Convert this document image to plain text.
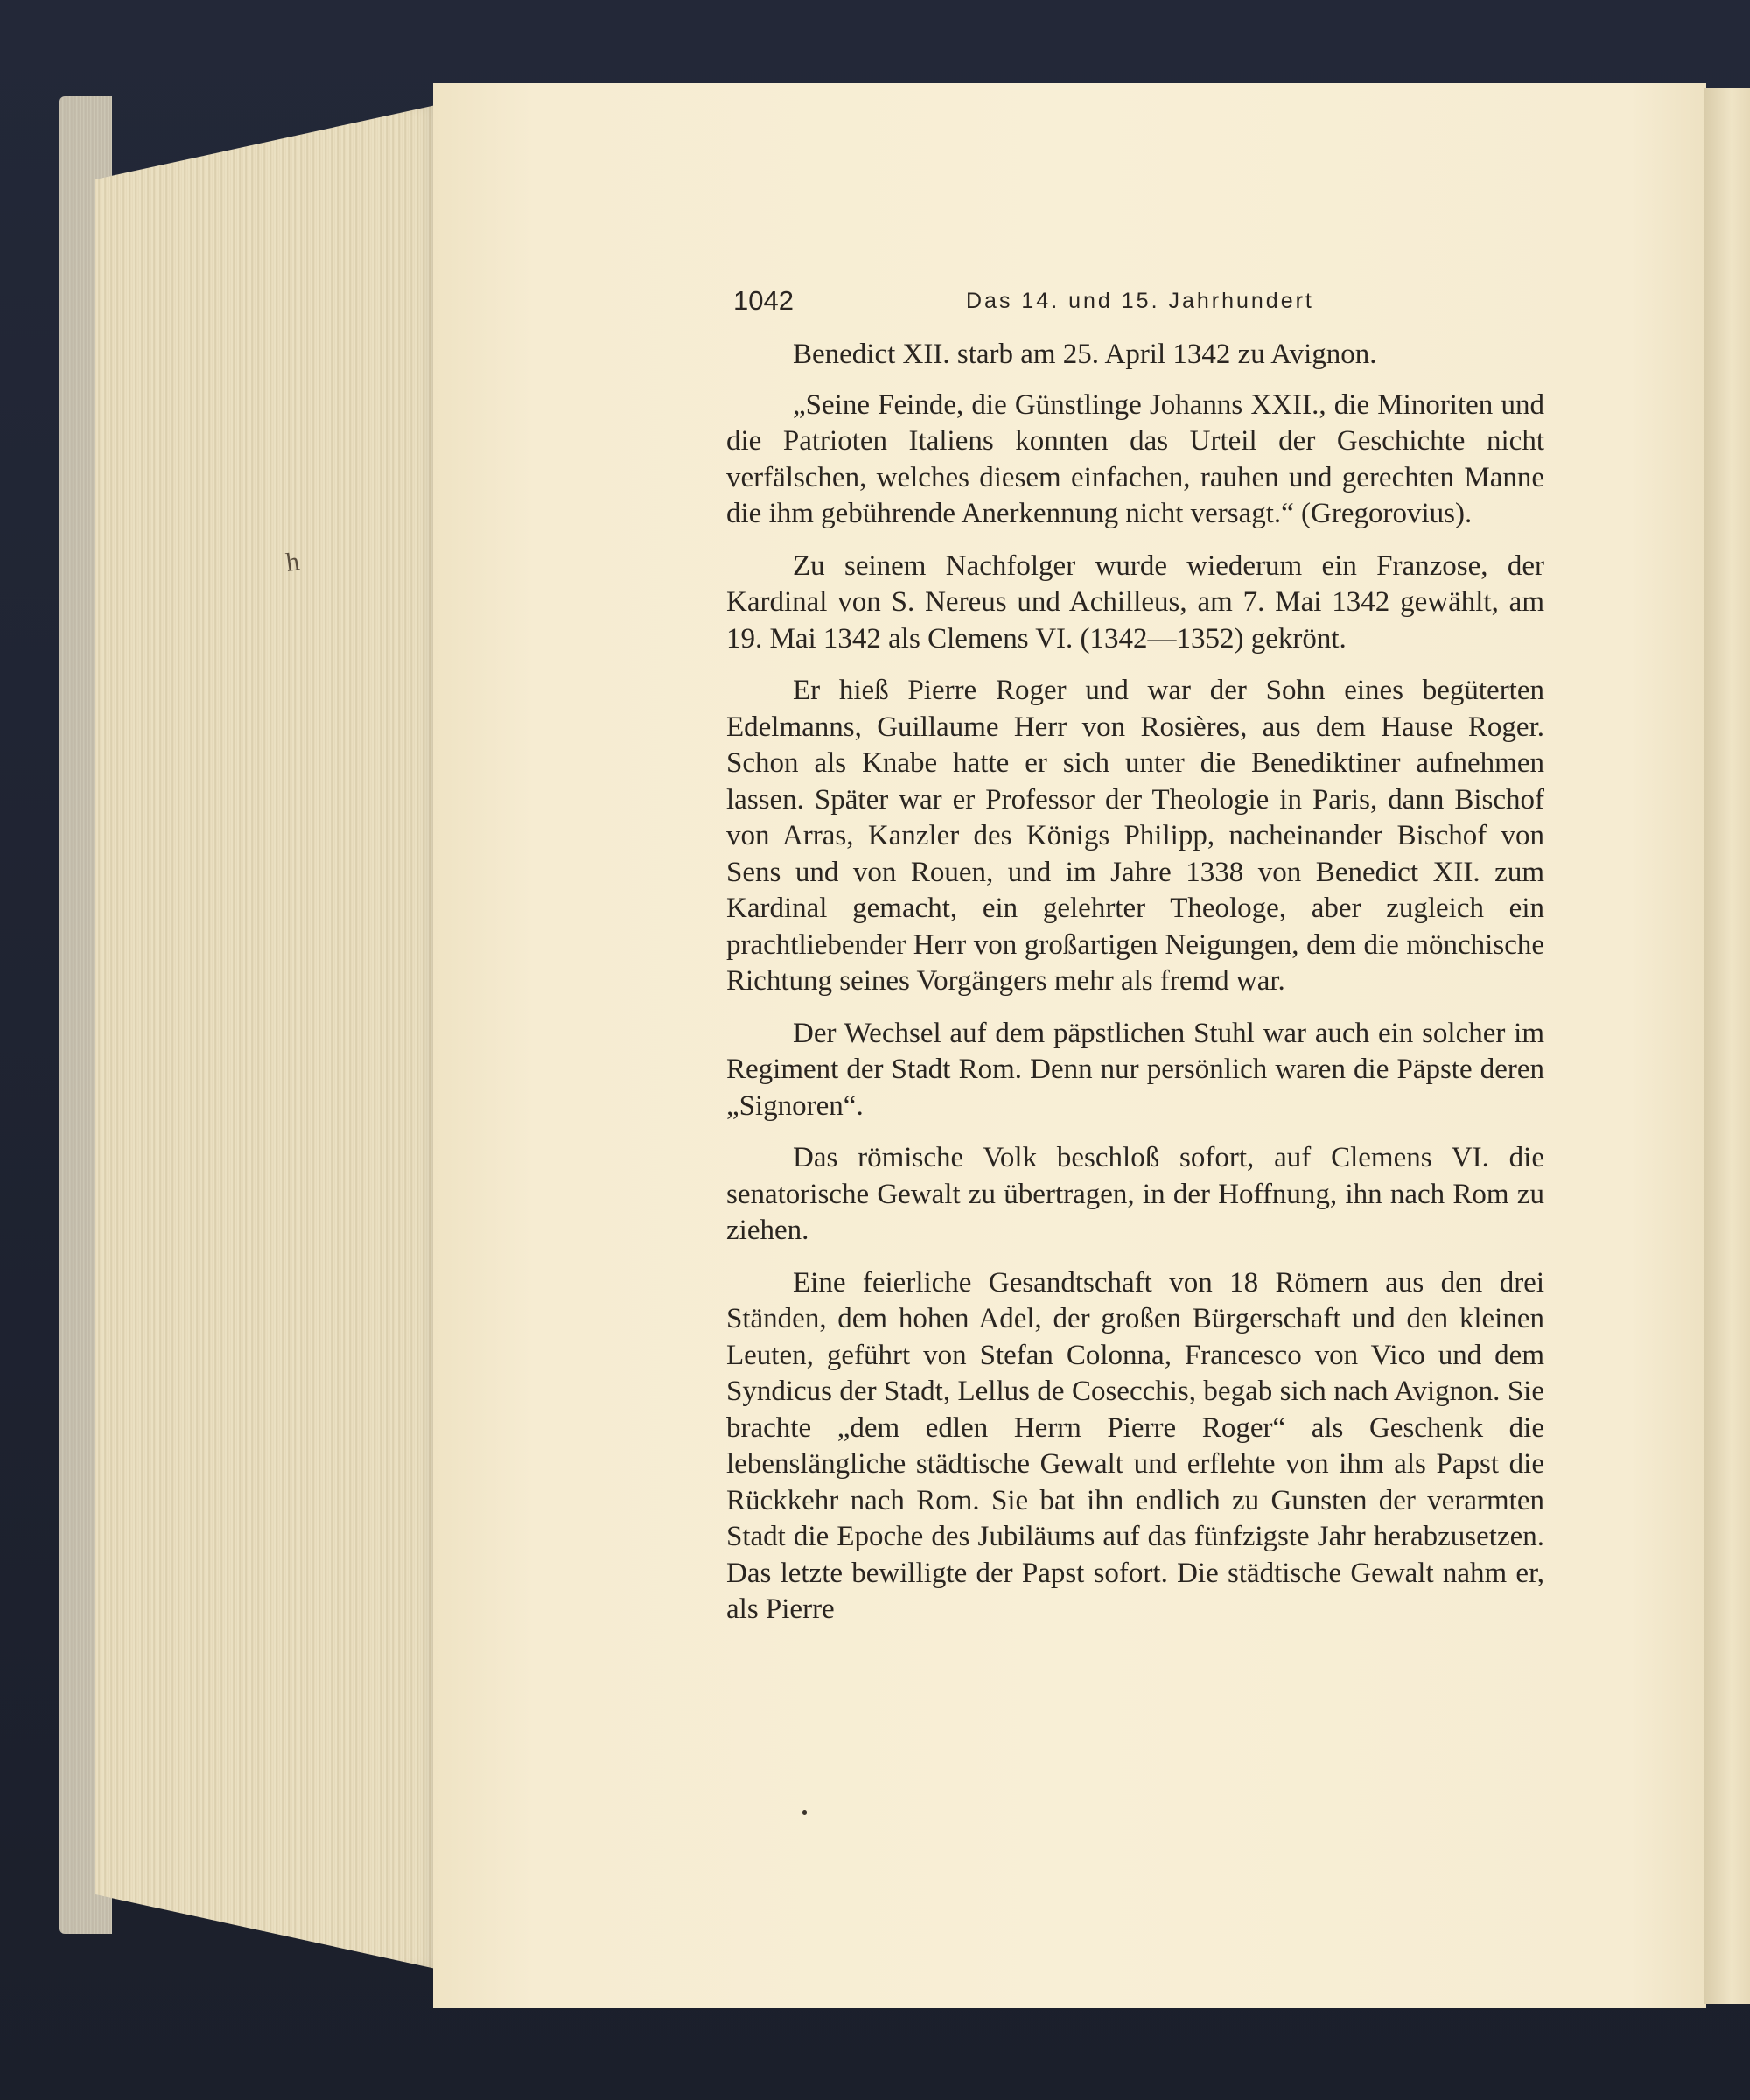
h
1042	Das 14. und 15. Jahrhundert

Benedict XII. starb am 25. April 1342 zu Avignon.

„Seine Feinde, die Günstlinge Johanns XXII., die Minoriten und die Patrioten Italiens konnten das Urteil der Geschichte nicht verfälschen, welches diesem einfachen, rauhen und gerechten Manne die ihm gebührende Anerkennung nicht versagt.“ (Gregorovius).

Zu seinem Nachfolger wurde wiederum ein Franzose, der Kardinal von S. Nereus und Achilleus, am 7. Mai 1342 gewählt, am 19. Mai 1342 als Clemens VI. (1342—1352) gekrönt.

Er hieß Pierre Roger und war der Sohn eines begüterten Edelmanns, Guillaume Herr von Rosières, aus dem Hause Roger. Schon als Knabe hatte er sich unter die Benediktiner aufnehmen lassen. Später war er Professor der Theologie in Paris, dann Bischof von Arras, Kanzler des Königs Philipp, nacheinander Bischof von Sens und von Rouen, und im Jahre 1338 von Benedict XII. zum Kardinal gemacht, ein gelehrter Theologe, aber zugleich ein prachtliebender Herr von großartigen Neigungen, dem die mönchische Richtung seines Vorgängers mehr als fremd war.

Der Wechsel auf dem päpstlichen Stuhl war auch ein solcher im Regiment der Stadt Rom. Denn nur persönlich waren die Päpste deren „Signoren“.

Das römische Volk beschloß sofort, auf Clemens VI. die senatorische Gewalt zu übertragen, in der Hoffnung, ihn nach Rom zu ziehen.

Eine feierliche Gesandtschaft von 18 Römern aus den drei Ständen, dem hohen Adel, der großen Bürgerschaft und den kleinen Leuten, geführt von Stefan Colonna, Francesco von Vico und dem Syndicus der Stadt, Lellus de Cosecchis, begab sich nach Avignon. Sie brachte „dem edlen Herrn Pierre Roger“ als Geschenk die lebenslängliche städtische Gewalt und erflehte von ihm als Papst die Rückkehr nach Rom. Sie bat ihn endlich zu Gunsten der verarmten Stadt die Epoche des Jubiläums auf das fünfzigste Jahr herabzusetzen. Das letzte bewilligte der Papst sofort. Die städtische Gewalt nahm er, als Pierre
